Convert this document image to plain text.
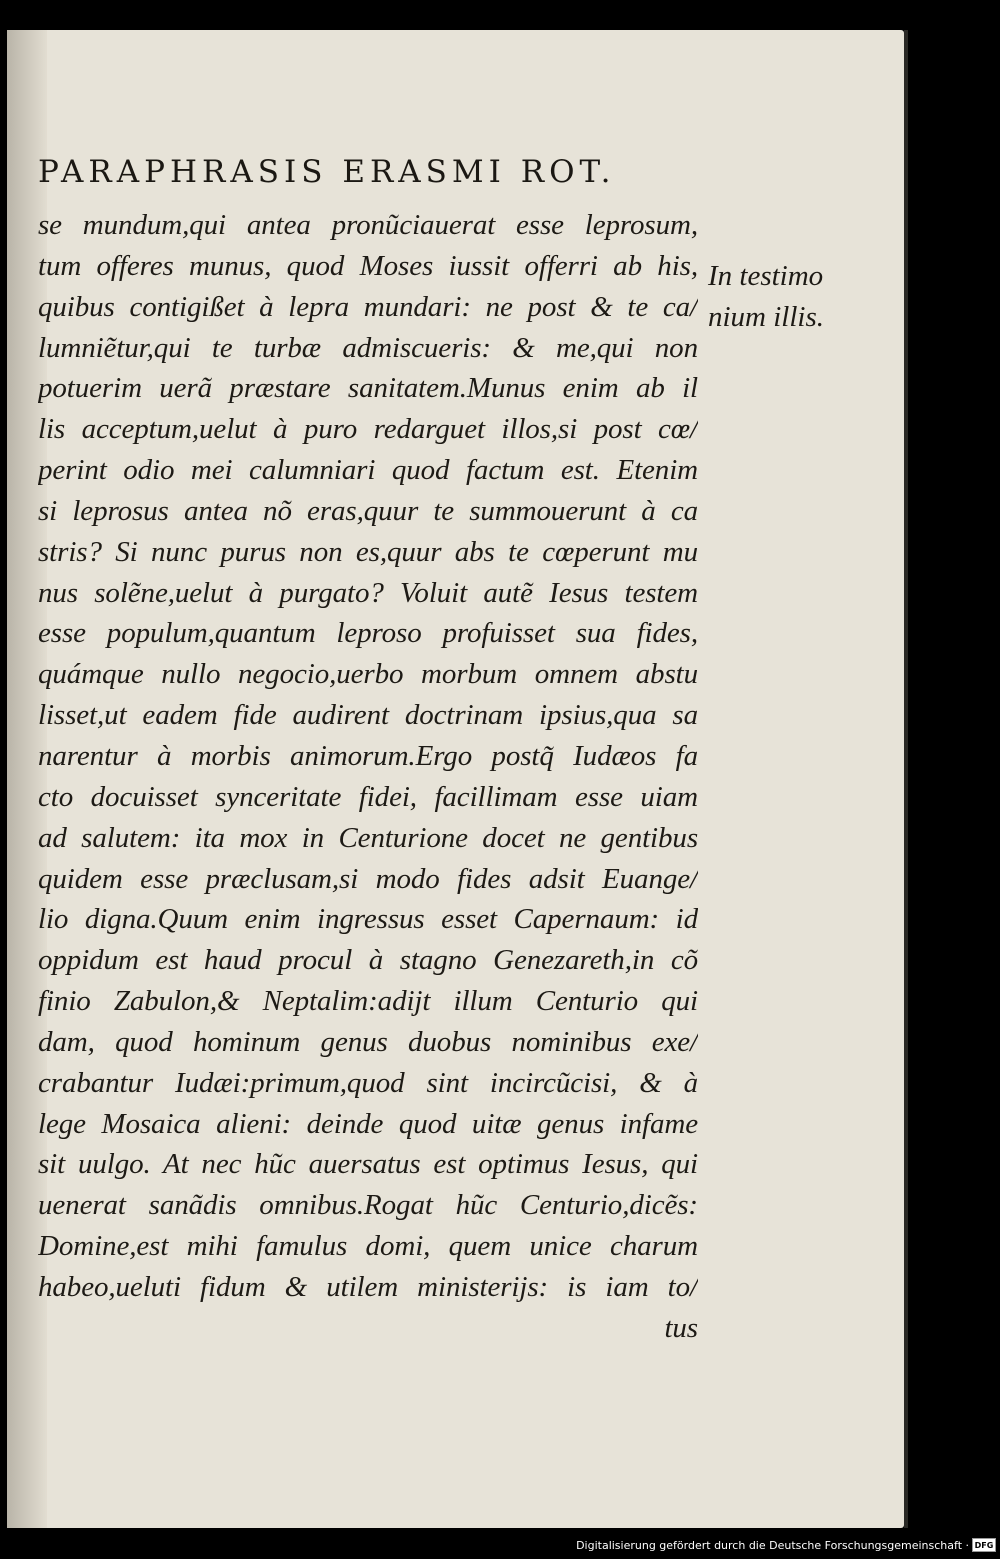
PARAPHRASIS ERASMI ROT.
se mundum,qui antea pronũciauerat esse leprosum,
tum offeres munus, quod Moses iussit offerri ab his,
quibus contigißet à lepra mundari: ne post & te ca/
lumniẽtur,qui te turbæ admiscueris: & me,qui non
potuerim uerã præstare sanitatem.Munus enim ab il
lis acceptum,uelut à puro redarguet illos,si post cœ/
perint odio mei calumniari quod factum est. Etenim
si leprosus antea nõ eras,quur te summouerunt à ca
stris? Si nunc purus non es,quur abs te cœperunt mu
nus solẽne,uelut à purgato? Voluit autẽ Iesus testem
esse populum,quantum leproso profuisset sua fides,
quámque nullo negocio,uerbo morbum omnem abstu
lisset,ut eadem fide audirent doctrinam ipsius,qua sa
narentur à morbis animorum.Ergo postq̃ Iudæos fa
cto docuisset synceritate fidei, facillimam esse uiam
ad salutem: ita mox in Centurione docet ne gentibus
quidem esse præclusam,si modo fides adsit Euange/
lio digna.Quum enim ingressus esset Capernaum: id
oppidum est haud procul à stagno Genezareth,in cõ
finio Zabulon,& Neptalim:adijt illum Centurio qui
dam, quod hominum genus duobus nominibus exe/
crabantur Iudæi:primum,quod sint incircũcisi, & à
lege Mosaica alieni: deinde quod uitæ genus infame
sit uulgo. At nec hũc auersatus est optimus Iesus, qui
uenerat sanãdis omnibus.Rogat hũc Centurio,dicẽs:
Domine,est mihi famulus domi, quem unice charum
habeo,ueluti fidum & utilem ministerijs: is iam to/
tus
In testimo
nium illis.
Digitalisierung gefördert durch die Deutsche Forschungsgemeinschaft · DFG
